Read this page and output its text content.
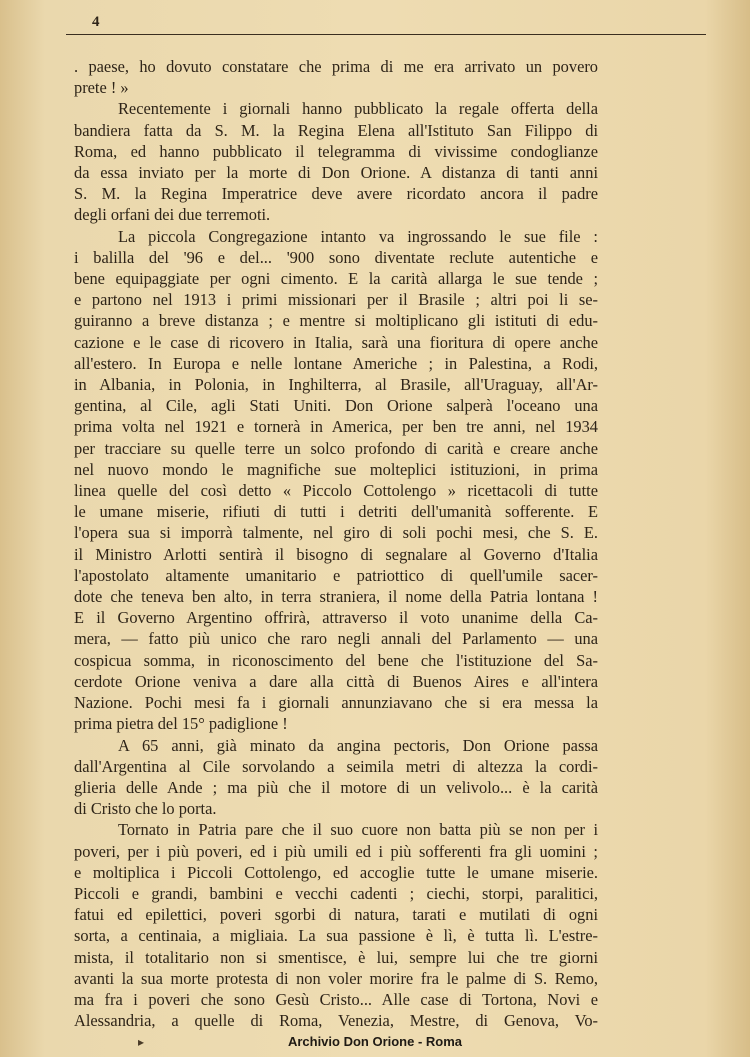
4

. paese, ho dovuto constatare che prima di me era arrivato un povero

prete ! »

Recentemente i giornali hanno pubblicato la regale offerta della

bandiera fatta da S. M. la Regina Elena all'Istituto San Filippo di

Roma, ed hanno pubblicato il telegramma di vivissime condoglianze

da essa inviato per la morte di Don Orione. A distanza di tanti anni

S. M. la Regina Imperatrice deve avere ricordato ancora il padre

degli orfani dei due terremoti.

La piccola Congregazione intanto va ingrossando le sue file :

i balilla del '96 e del... '900 sono diventate reclute autentiche e

bene equipaggiate per ogni cimento. E la carità allarga le sue tende ;

e partono nel 1913 i primi missionari per il Brasile ; altri poi li se-

guiranno a breve distanza ; e mentre si moltiplicano gli istituti di edu-

cazione e le case di ricovero in Italia, sarà una fioritura di opere anche

all'estero. In Europa e nelle lontane Americhe ; in Palestina, a Rodi,

in Albania, in Polonia, in Inghilterra, al Brasile, all'Uraguay, all'Ar-

gentina, al Cile, agli Stati Uniti. Don Orione salperà l'oceano una

prima volta nel 1921 e tornerà in America, per ben tre anni, nel 1934

per tracciare su quelle terre un solco profondo di carità e creare anche

nel nuovo mondo le magnifiche sue molteplici istituzioni, in prima

linea quelle del così detto « Piccolo Cottolengo » ricettacoli di tutte

le umane miserie, rifiuti di tutti i detriti dell'umanità sofferente. E

l'opera sua si imporrà talmente, nel giro di soli pochi mesi, che S. E.

il Ministro Arlotti sentirà il bisogno di segnalare al Governo d'Italia

l'apostolato altamente umanitario e patriottico di quell'umile sacer-

dote che teneva ben alto, in terra straniera, il nome della Patria lontana !

E il Governo Argentino offrirà, attraverso il voto unanime della Ca-

mera, — fatto più unico che raro negli annali del Parlamento — una

cospicua somma, in riconoscimento del bene che l'istituzione del Sa-

cerdote Orione veniva a dare alla città di Buenos Aires e all'intera

Nazione. Pochi mesi fa i giornali annunziavano che si era messa la

prima pietra del 15° padiglione !

A 65 anni, già minato da angina pectoris, Don Orione passa

dall'Argentina al Cile sorvolando a seimila metri di altezza la cordi-

glieria delle Ande ; ma più che il motore di un velivolo... è la carità

di Cristo che lo porta.

Tornato in Patria pare che il suo cuore non batta più se non per i

poveri, per i più poveri, ed i più umili ed i più sofferenti fra gli uomini ;

e moltiplica i Piccoli Cottolengo, ed accoglie tutte le umane miserie.

Piccoli e grandi, bambini e vecchi cadenti ; ciechi, storpi, paralitici,

fatui ed epilettici, poveri sgorbi di natura, tarati e mutilati di ogni

sorta, a centinaia, a migliaia. La sua passione è lì, è tutta lì. L'estre-

mista, il totalitario non si smentisce, è lui, sempre lui che tre giorni

avanti la sua morte protesta di non voler morire fra le palme di S. Remo,

ma fra i poveri che sono Gesù Cristo... Alle case di Tortona, Novi e

Alessandria, a quelle di Roma, Venezia, Mestre, di Genova, Vo-

▸	Archivio Don Orione - Roma
